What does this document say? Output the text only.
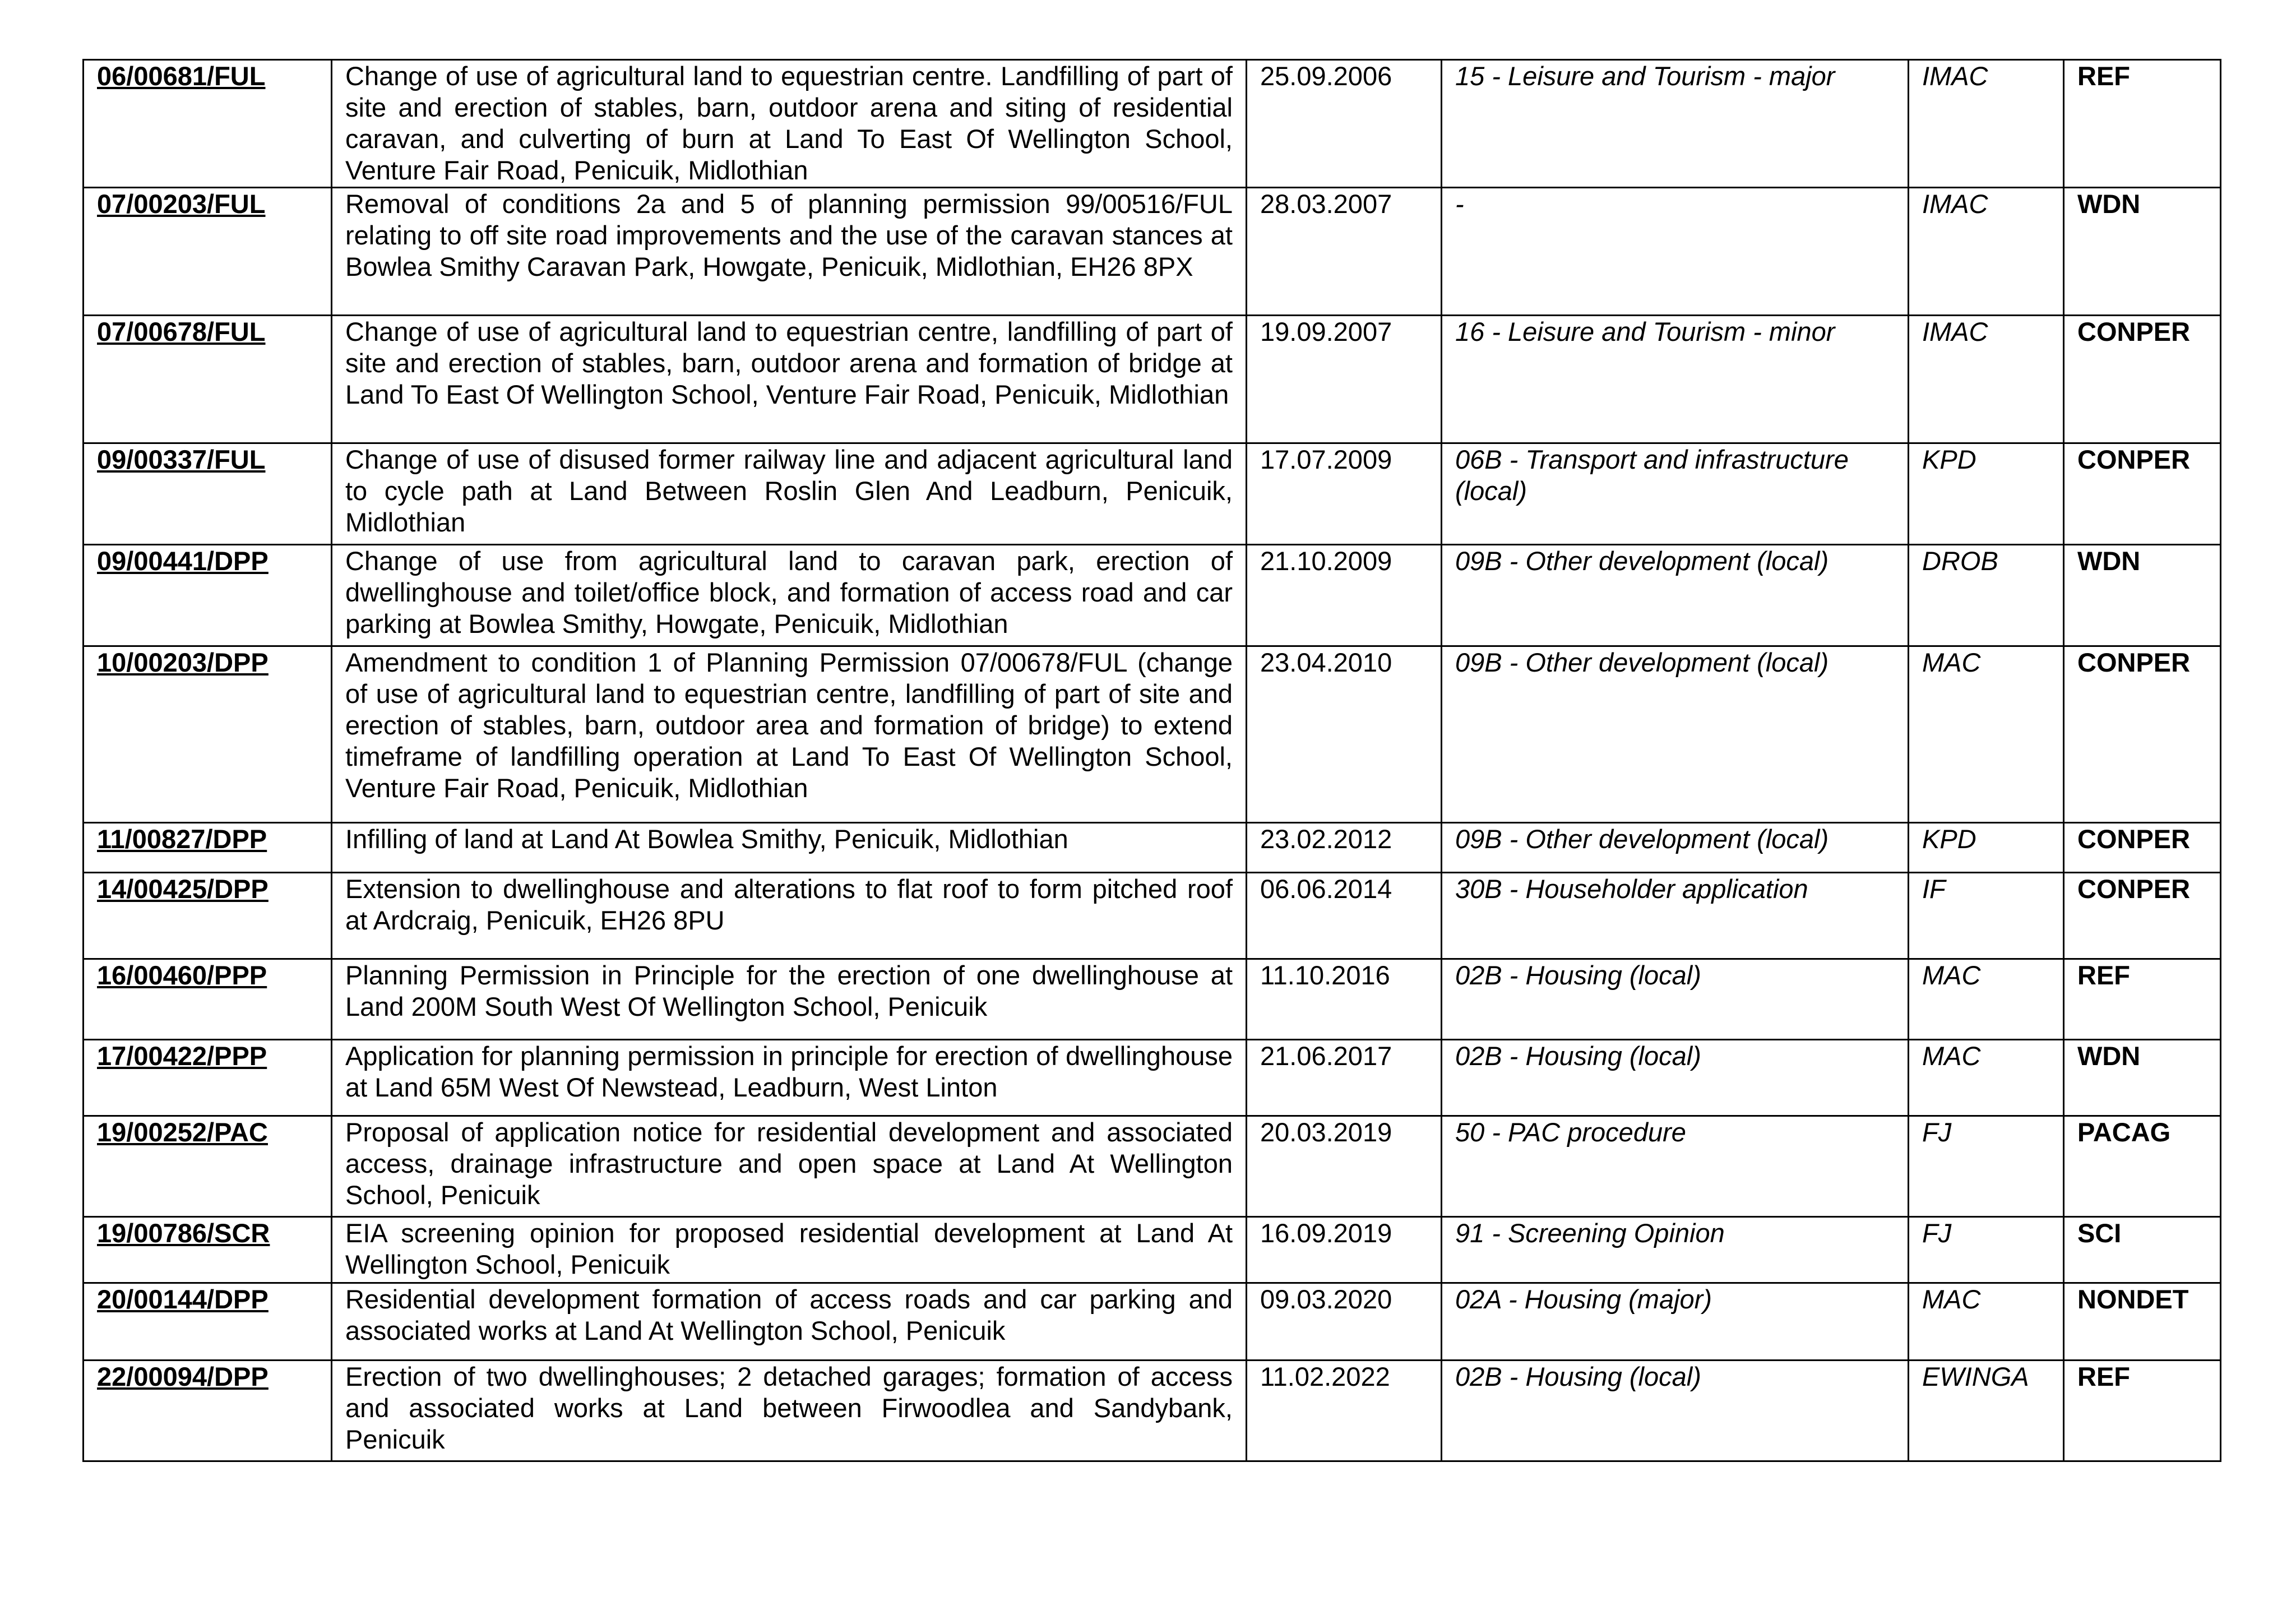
06/00681/FUL	Change of use of agricultural land to equestrian centre. Landfilling of part of site and erection of stables, barn, outdoor arena and siting of residential caravan, and culverting of burn at Land To East Of Wellington School, Venture Fair Road, Penicuik, Midlothian	25.09.2006	15 - Leisure and Tourism - major	IMAC	REF
07/00203/FUL	Removal of conditions 2a and 5 of planning permission 99/00516/FUL relating to off site road improvements and the use of the caravan stances at Bowlea Smithy Caravan Park, Howgate, Penicuik, Midlothian, EH26 8PX	28.03.2007	-	IMAC	WDN
07/00678/FUL	Change of use of agricultural land to equestrian centre, landfilling of part of site and erection of stables, barn, outdoor arena and formation of bridge at Land To East Of Wellington School, Venture Fair Road, Penicuik, Midlothian	19.09.2007	16 - Leisure and Tourism - minor	IMAC	CONPER
09/00337/FUL	Change of use of disused former railway line and adjacent agricultural land to cycle path at Land Between Roslin Glen And Leadburn, Penicuik, Midlothian	17.07.2009	06B - Transport and infrastructure (local)	KPD	CONPER
09/00441/DPP	Change of use from agricultural land to caravan park, erection of dwellinghouse and toilet/office block, and formation of access road and car parking at Bowlea Smithy, Howgate, Penicuik, Midlothian	21.10.2009	09B - Other development (local)	DROB	WDN
10/00203/DPP	Amendment to condition 1 of Planning Permission 07/00678/FUL (change of use of agricultural land to equestrian centre, landfilling of part of site and erection of stables, barn, outdoor area and formation of bridge) to extend timeframe of landfilling operation at Land To East Of Wellington School, Venture Fair Road, Penicuik, Midlothian	23.04.2010	09B - Other development (local)	MAC	CONPER
11/00827/DPP	Infilling of land at Land At Bowlea Smithy, Penicuik, Midlothian	23.02.2012	09B - Other development (local)	KPD	CONPER
14/00425/DPP	Extension to dwellinghouse and alterations to flat roof to form pitched roof at Ardcraig, Penicuik, EH26 8PU	06.06.2014	30B - Householder application	IF	CONPER
16/00460/PPP	Planning Permission in Principle for the erection of one dwellinghouse at Land 200M South West Of Wellington School, Penicuik	11.10.2016	02B - Housing (local)	MAC	REF
17/00422/PPP	Application for planning permission in principle for erection of dwellinghouse at Land 65M West Of Newstead, Leadburn, West Linton	21.06.2017	02B - Housing (local)	MAC	WDN
19/00252/PAC	Proposal of application notice for residential development and associated access, drainage infrastructure and open space at Land At Wellington School, Penicuik	20.03.2019	50 - PAC procedure	FJ	PACAG
19/00786/SCR	EIA screening opinion for proposed residential development at Land At Wellington School, Penicuik	16.09.2019	91 - Screening Opinion	FJ	SCI
20/00144/DPP	Residential development formation of access roads and car parking and associated works at Land At Wellington School, Penicuik	09.03.2020	02A - Housing (major)	MAC	NONDET
22/00094/DPP	Erection of two dwellinghouses; 2 detached garages; formation of access and associated works at Land between Firwoodlea and Sandybank, Penicuik	11.02.2022	02B - Housing (local)	EWINGA	REF
